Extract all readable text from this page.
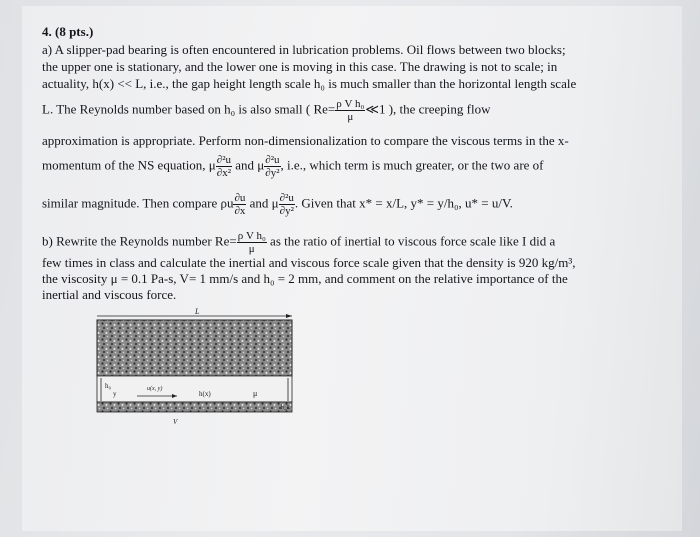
4. (8 pts.)
a) A slipper-pad bearing is often encountered in lubrication problems. Oil flows between two blocks;
the upper one is stationary, and the lower one is moving in this case. The drawing is not to scale; in
actuality, h(x) << L, i.e., the gap height length scale h₀ is much smaller than the horizontal length scale
L. The Reynolds number based on h₀ is also small ( $Re= \frac{\text{ρ V h₀}}{\mu}$ ≪1 ), the creeping flow
approximation is appropriate. Perform non-dimensionalization to compare the viscous terms in the x-
momentum of the NS equation, μ $\frac{\text{∂²u}}{\text{∂x²}}$ and μ $\frac{\text{∂²u}}{\text{∂y²}}$ , i.e., which term is much greater, or the two are of
similar magnitude. Then compare ρu $\frac{\partial u}{\partial x}$ and μ $\frac{\text{∂²u}}{\text{∂y²}}$ . Given that x* = x/L, y* = y/h₀, u* = u/V.
b) Rewrite the Reynolds number $Re= \frac{\text{ρ V h₀}}{\mu}$ as the ratio of inertial to viscous force scale like I did a
few times in class and calculate the inertial and viscous force scale given that the density is 920 kg/m³,
the viscosity μ = 0.1 Pa-s, V= 1 mm/s and h₀ = 2 mm, and comment on the relative importance of the
inertial and viscous force.
L
h₀
y
u(x, y)
h(x)	μ
h_L
V
